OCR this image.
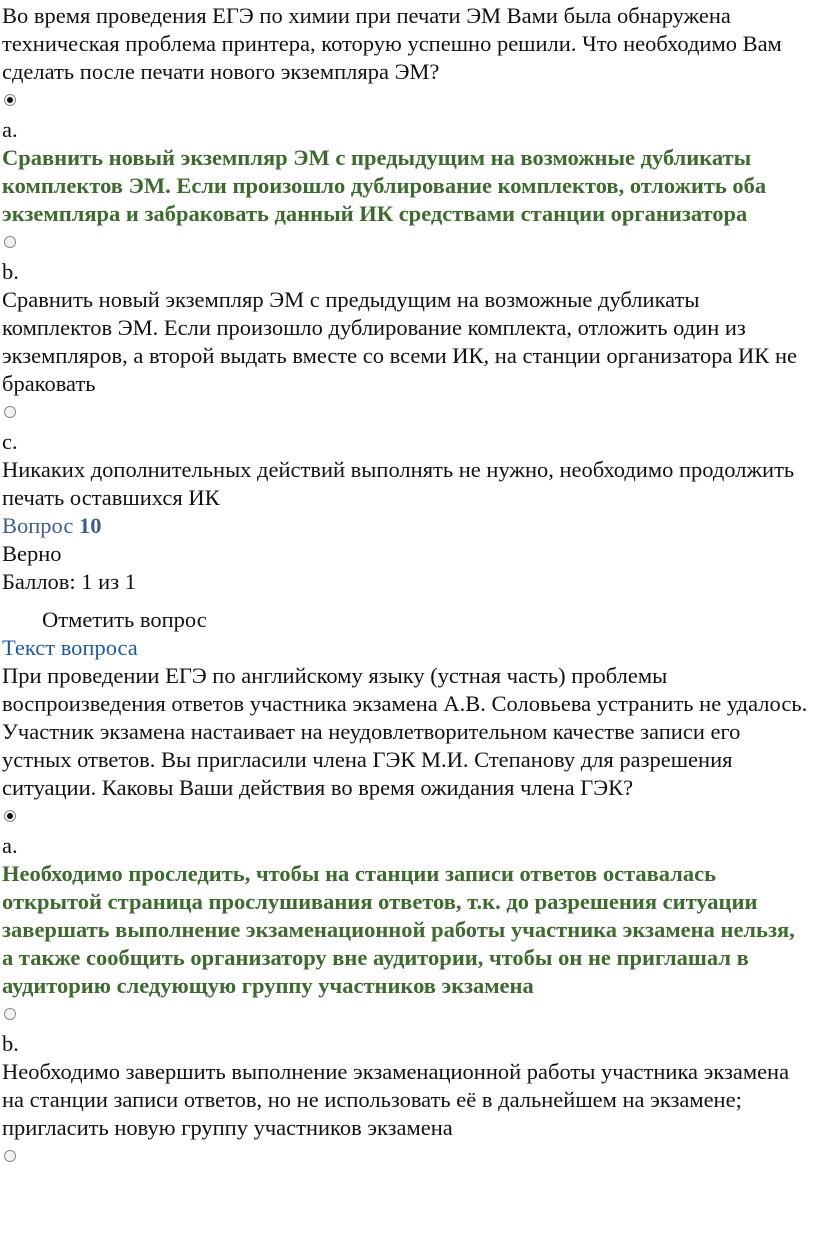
Во время проведения ЕГЭ по химии при печати ЭМ Вами была обнаружена техническая проблема принтера, которую успешно решили. Что необходимо Вам сделать после печати нового экземпляра ЭМ?

a.

Сравнить новый экземпляр ЭМ с предыдущим на возможные дубликаты комплектов ЭМ. Если произошло дублирование комплектов, отложить оба экземпляра и забраковать данный ИК средствами станции организатора

b.

Сравнить новый экземпляр ЭМ с предыдущим на возможные дубликаты комплектов ЭМ. Если произошло дублирование комплекта, отложить один из экземпляров, а второй выдать вместе со всеми ИК, на станции организатора ИК не браковать

c.

Никаких дополнительных действий выполнять не нужно, необходимо продолжить печать оставшихся ИК

Вопрос 10

Верно

Баллов: 1 из 1

Отметить вопрос

Текст вопроса

При проведении ЕГЭ по английскому языку (устная часть) проблемы воспроизведения ответов участника экзамена А.В. Соловьева устранить не удалось. Участник экзамена настаивает на неудовлетворительном качестве записи его устных ответов. Вы пригласили члена ГЭК М.И. Степанову для разрешения ситуации. Каковы Ваши действия во время ожидания члена ГЭК?

a.

Необходимо проследить, чтобы на станции записи ответов оставалась открытой страница прослушивания ответов, т.к. до разрешения ситуации завершать выполнение экзаменационной работы участника экзамена нельзя, а также сообщить организатору вне аудитории, чтобы он не приглашал в аудиторию следующую группу участников экзамена

b.

Необходимо завершить выполнение экзаменационной работы участника экзамена на станции записи ответов, но не использовать её в дальнейшем на экзамене; пригласить новую группу участников экзамена
